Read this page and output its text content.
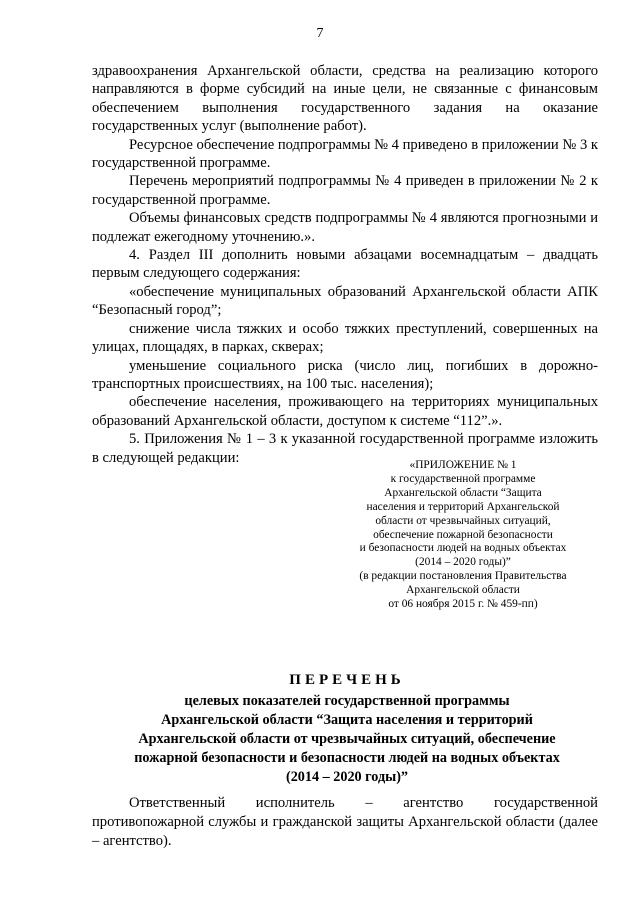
7

здравоохранения Архангельской области, средства на реализацию которого направляются в форме субсидий на иные цели, не связанные с финансовым обеспечением выполнения государственного задания на оказание государственных услуг (выполнение работ).

Ресурсное обеспечение подпрограммы № 4 приведено в приложении № 3 к государственной программе.

Перечень мероприятий подпрограммы № 4 приведен в приложении № 2 к государственной программе.

Объемы финансовых средств подпрограммы № 4 являются прогнозными и подлежат ежегодному уточнению.».

4. Раздел III дополнить новыми абзацами восемнадцатым – двадцать первым следующего содержания:

«обеспечение муниципальных образований Архангельской области АПК “Безопасный город”;

снижение числа тяжких и особо тяжких преступлений, совершенных на улицах, площадях, в парках, скверах;

уменьшение социального риска (число лиц, погибших в дорожно-транспортных происшествиях, на 100 тыс. населения);

обеспечение населения, проживающего на территориях муниципальных образований Архангельской области, доступом к системе “112”.».

5. Приложения № 1 – 3 к указанной государственной программе изложить в следующей редакции:	«ПРИЛОЖЕНИЕ № 1
к государственной программе
Архангельской области “Защита
населения и территорий Архангельской
области от чрезвычайных ситуаций,
обеспечение пожарной безопасности
и безопасности людей на водных объектах
(2014 – 2020 годы)”
(в редакции постановления Правительства
Архангельской области
от 06 ноября 2015 г. № 459-пп)
ПЕРЕЧЕНЬ
целевых показателей государственной программы
Архангельской области “Защита населения и территорий
Архангельской области от чрезвычайных ситуаций, обеспечение
пожарной безопасности и безопасности людей на водных объектах
(2014 – 2020 годы)”

Ответственный исполнитель – агентство государственной противопожарной службы и гражданской защиты Архангельской области (далее – агентство).
